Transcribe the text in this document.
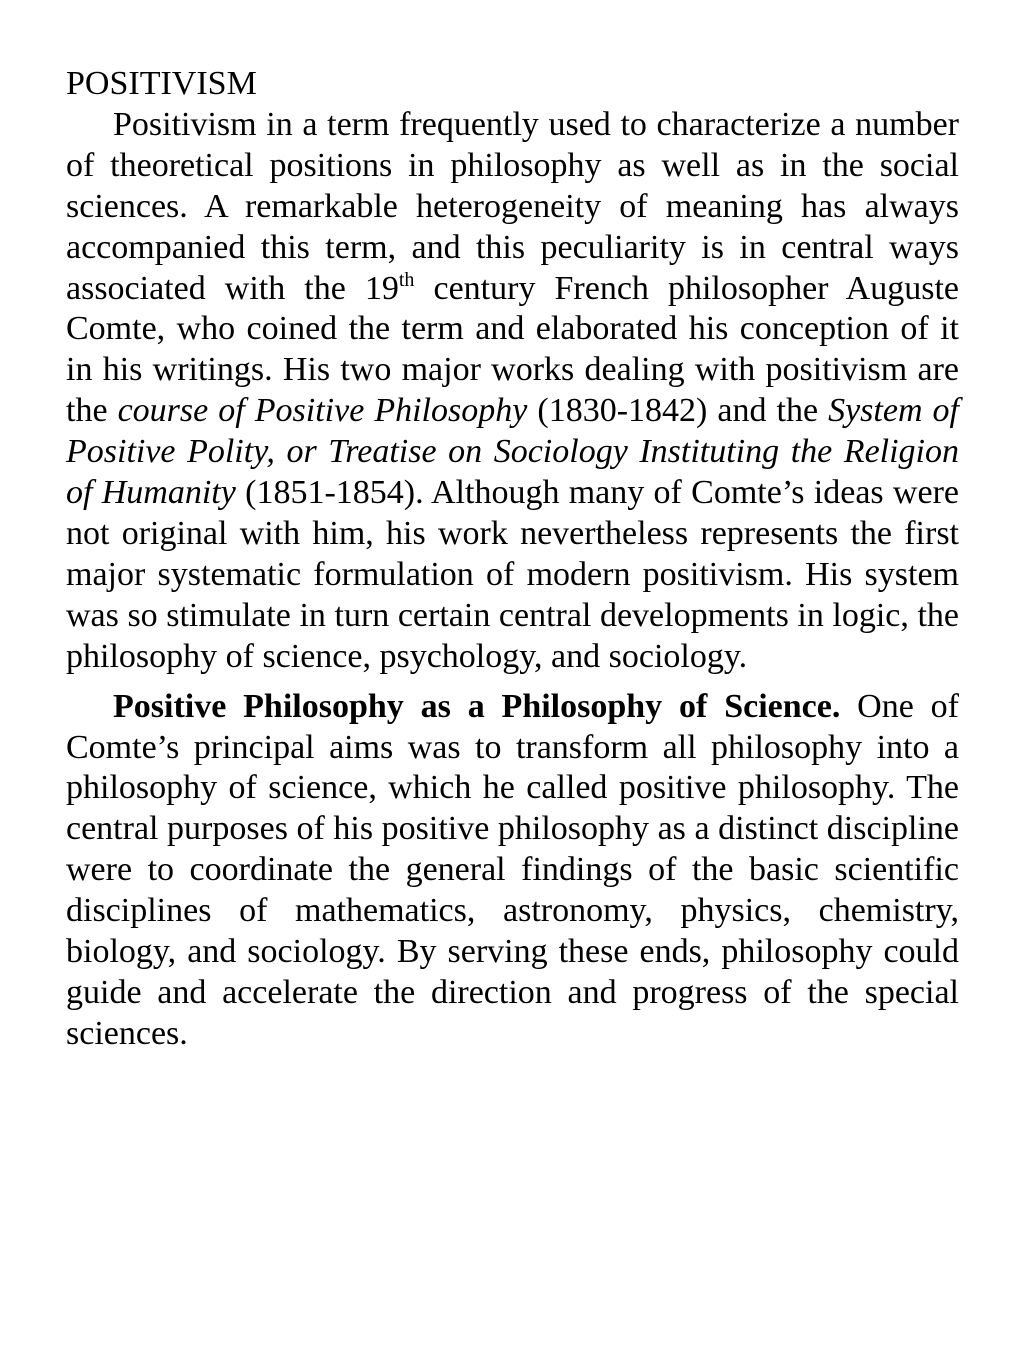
POSITIVISM

Positivism in a term frequently used to characterize a number of theoretical positions in philosophy as well as in the social sciences. A remarkable heterogeneity of meaning has always accompanied this term, and this peculiarity is in central ways associated with the 19th century French philosopher Auguste Comte, who coined the term and elaborated his conception of it in his writings. His two major works dealing with positivism are the course of Positive Philosophy (1830-1842) and the System of Positive Polity, or Treatise on Sociology Instituting the Religion of Humanity (1851-1854). Although many of Comte’s ideas were not original with him, his work nevertheless represents the first major systematic formulation of modern positivism. His system was so stimulate in turn certain central developments in logic, the philosophy of science, psychology, and sociology.

Positive Philosophy as a Philosophy of Science. One of Comte’s principal aims was to transform all philosophy into a philosophy of science, which he called positive philosophy. The central purposes of his positive philosophy as a distinct discipline were to coordinate the general findings of the basic scientific disciplines of mathematics, astronomy, physics, chemistry, biology, and sociology. By serving these ends, philosophy could guide and accelerate the direction and progress of the special sciences.
